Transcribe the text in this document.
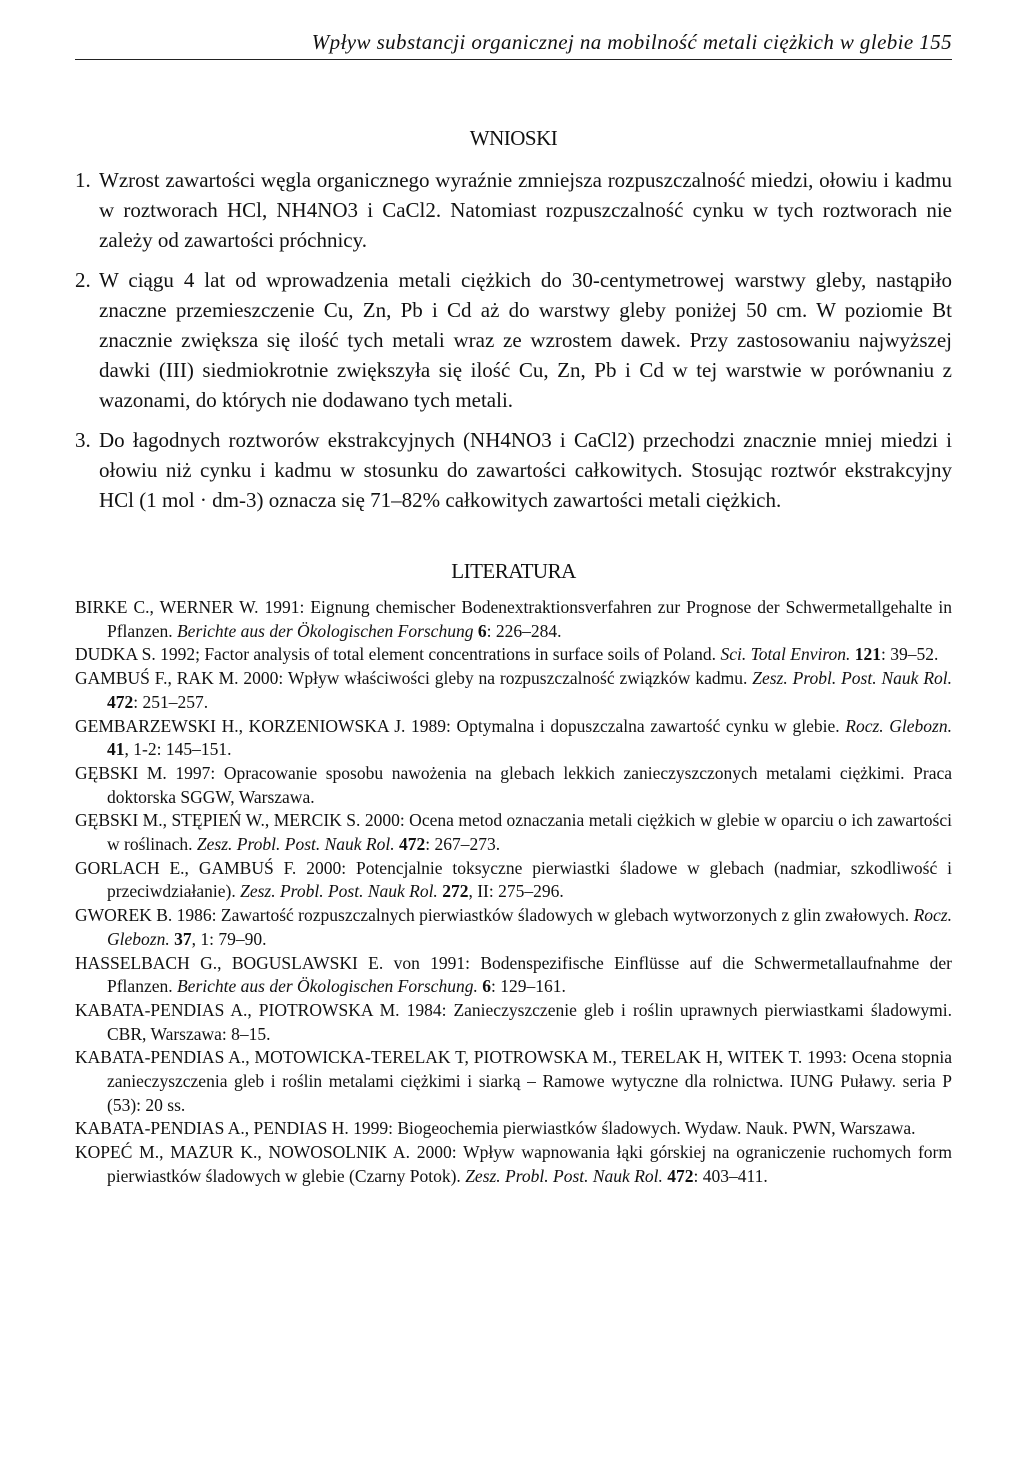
Wpływ substancji organicznej na mobilność metali ciężkich w glebie 155
WNIOSKI
1. Wzrost zawartości węgla organicznego wyraźnie zmniejsza rozpuszczalność miedzi, ołowiu i kadmu w roztworach HCl, NH4NO3 i CaCl2. Natomiast rozpuszczalność cynku w tych roztworach nie zależy od zawartości próchnicy.
2. W ciągu 4 lat od wprowadzenia metali ciężkich do 30-centymetrowej warstwy gleby, nastąpiło znaczne przemieszczenie Cu, Zn, Pb i Cd aż do warstwy gleby poniżej 50 cm. W poziomie Bt znacznie zwiększa się ilość tych metali wraz ze wzrostem dawek. Przy zastosowaniu najwyższej dawki (III) siedmiokrotnie zwiększyła się ilość Cu, Zn, Pb i Cd w tej warstwie w porównaniu z wazonami, do których nie dodawano tych metali.
3. Do łagodnych roztworów ekstrakcyjnych (NH4NO3 i CaCl2) przechodzi znacznie mniej miedzi i ołowiu niż cynku i kadmu w stosunku do zawartości całkowitych. Stosując roztwór ekstrakcyjny HCl (1 mol · dm-3) oznacza się 71–82% całkowitych zawartości metali ciężkich.
LITERATURA
BIRKE C., WERNER W. 1991: Eignung chemischer Bodenextraktionsverfahren zur Prognose der Schwermetallgehalte in Pflanzen. Berichte aus der Ökologischen Forschung 6: 226–284.
DUDKA S. 1992; Factor analysis of total element concentrations in surface soils of Poland. Sci. Total Environ. 121: 39–52.
GAMBUŚ F., RAK M. 2000: Wpływ właściwości gleby na rozpuszczalność związków kadmu. Zesz. Probl. Post. Nauk Rol. 472: 251–257.
GEMBARZEWSKI H., KORZENIOWSKA J. 1989: Optymalna i dopuszczalna zawartość cynku w glebie. Rocz. Glebozn. 41, 1-2: 145–151.
GĘBSKI M. 1997: Opracowanie sposobu nawożenia na glebach lekkich zanieczyszczonych metalami ciężkimi. Praca doktorska SGGW, Warszawa.
GĘBSKI M., STĘPIEŃ W., MERCIK S. 2000: Ocena metod oznaczania metali ciężkich w glebie w oparciu o ich zawartości w roślinach. Zesz. Probl. Post. Nauk Rol. 472: 267–273.
GORLACH E., GAMBUŚ F. 2000: Potencjalnie toksyczne pierwiastki śladowe w glebach (nadmiar, szkodliwość i przeciwdziałanie). Zesz. Probl. Post. Nauk Rol. 272, II: 275–296.
GWOREK B. 1986: Zawartość rozpuszczalnych pierwiastków śladowych w glebach wytworzonych z glin zwałowych. Rocz. Glebozn. 37, 1: 79–90.
HASSELBACH G., BOGUSLAWSKI E. von 1991: Bodenspezifische Einflüsse auf die Schwermetallaufnahme der Pflanzen. Berichte aus der Ökologischen Forschung. 6: 129–161.
KABATA-PENDIAS A., PIOTROWSKA M. 1984: Zanieczyszczenie gleb i roślin uprawnych pierwiastkami śladowymi. CBR, Warszawa: 8–15.
KABATA-PENDIAS A., MOTOWICKA-TERELAK T, PIOTROWSKA M., TERELAK H, WITEK T. 1993: Ocena stopnia zanieczyszczenia gleb i roślin metalami ciężkimi i siarką – Ramowe wytyczne dla rolnictwa. IUNG Puławy. seria P (53): 20 ss.
KABATA-PENDIAS A., PENDIAS H. 1999: Biogeochemia pierwiastków śladowych. Wydaw. Nauk. PWN, Warszawa.
KOPEĆ M., MAZUR K., NOWOSOLNIK A. 2000: Wpływ wapnowania łąki górskiej na ograniczenie ruchomych form pierwiastków śladowych w glebie (Czarny Potok). Zesz. Probl. Post. Nauk Rol. 472: 403–411.
